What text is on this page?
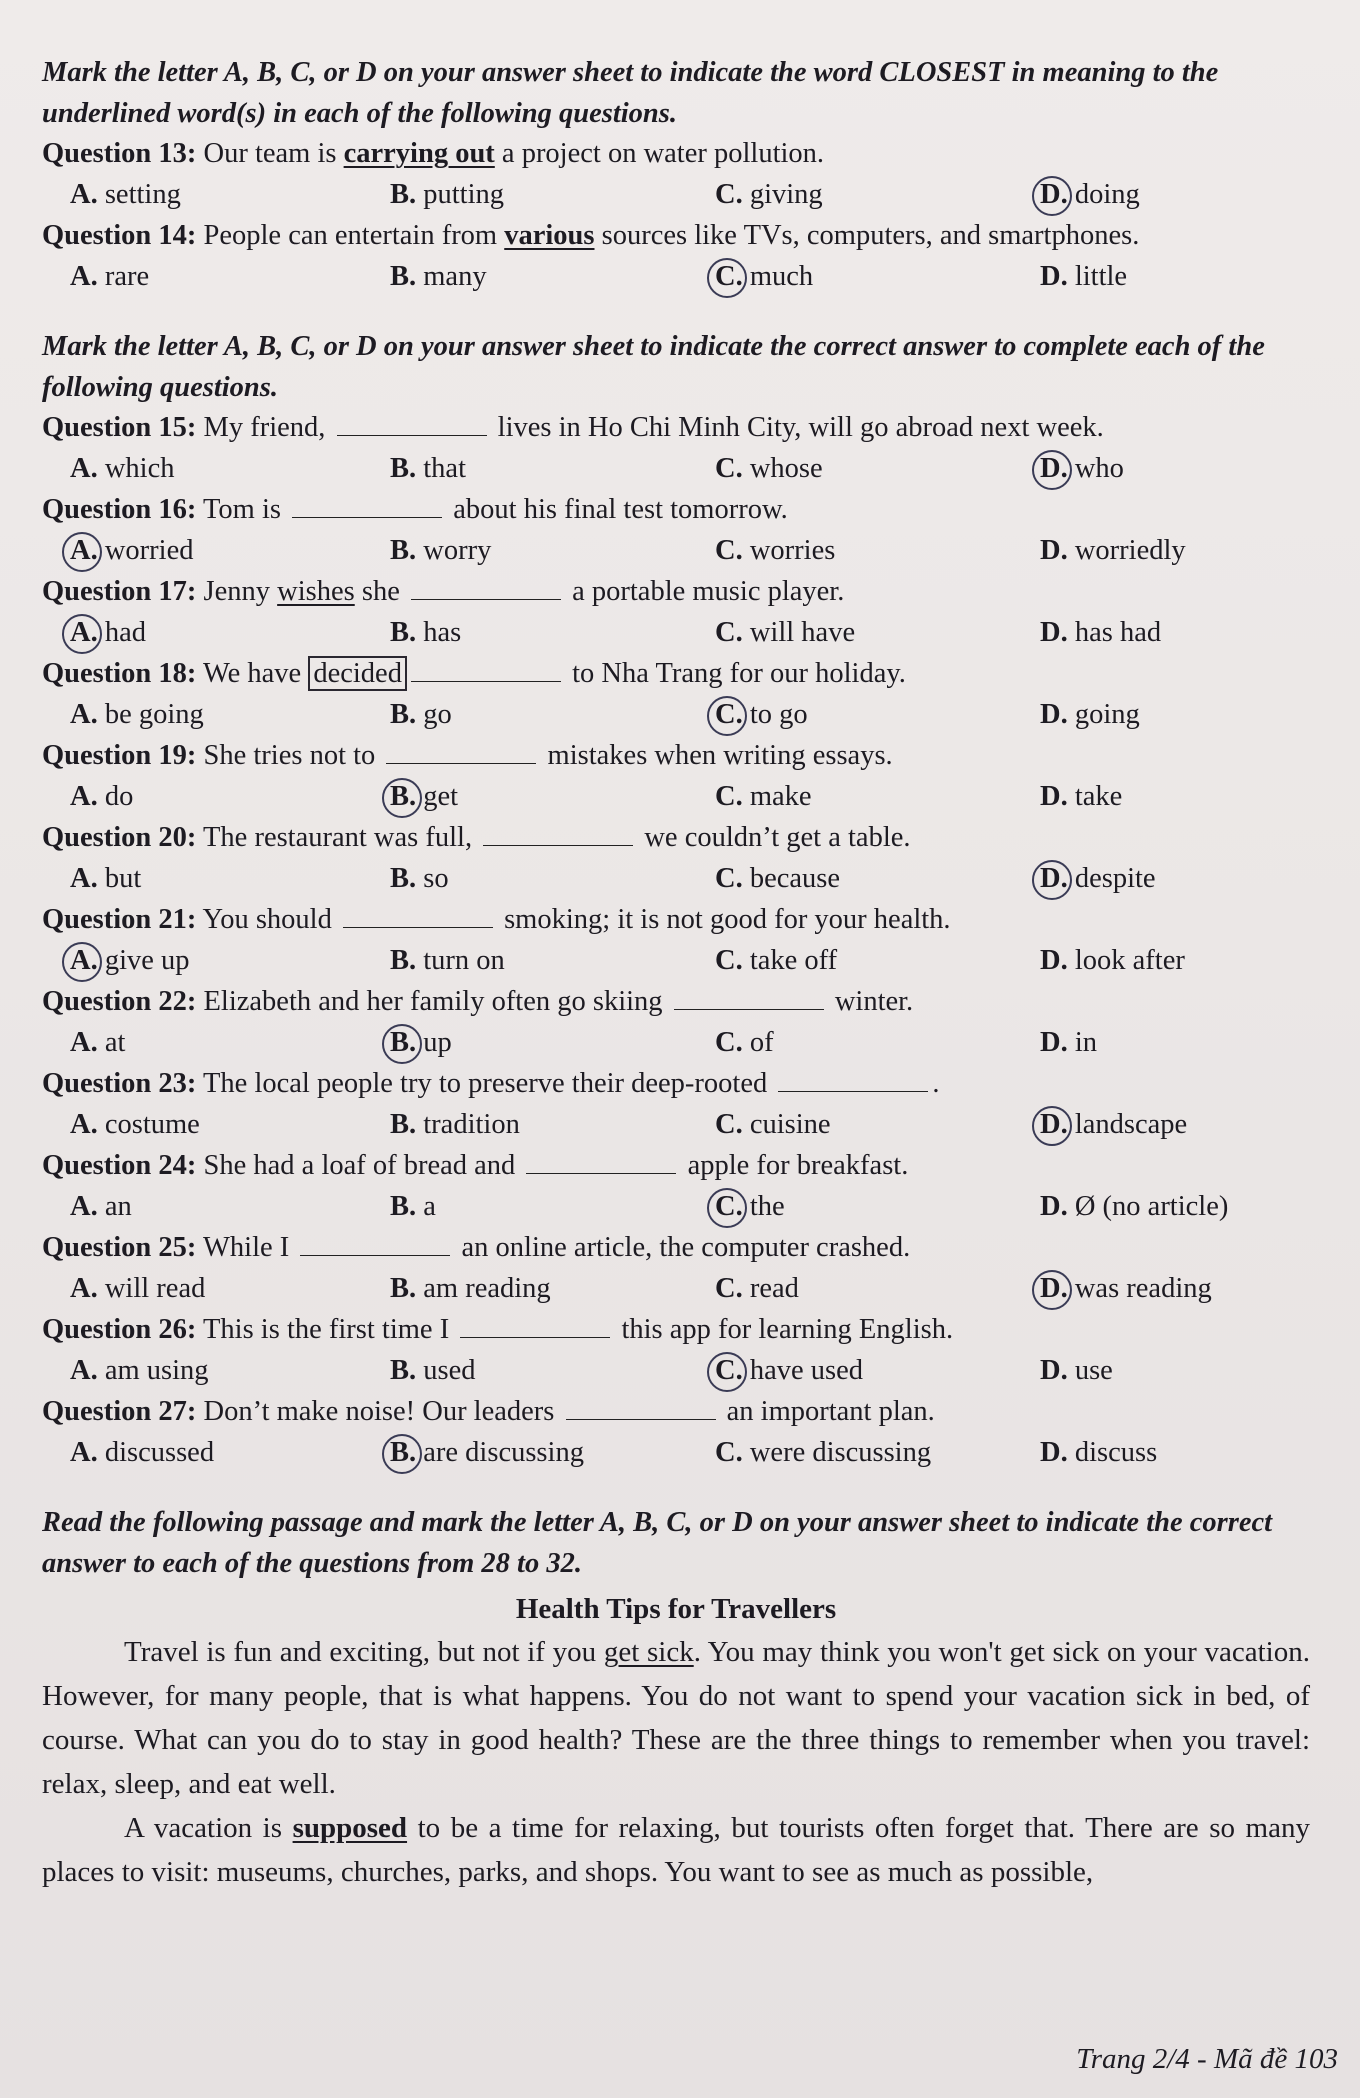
Mark the letter A, B, C, or D on your answer sheet to indicate the word CLOSEST in meaning to the underlined word(s) in each of the following questions.

Question 13: Our team is carrying out a project on water pollution.

A. setting	B. putting	C. giving	D. doing

Question 14: People can entertain from various sources like TVs, computers, and smartphones.

A. rare	B. many	C. much	D. little

Mark the letter A, B, C, or D on your answer sheet to indicate the correct answer to complete each of the following questions.

Question 15: My friend,	lives in Ho Chi Minh City, will go abroad next week.

A. which	B. that	C. whose	D. who

Question 16: Tom is	about his final test tomorrow.

A. worried	B. worry	C. worries	D. worriedly

Question 17: Jenny wishes she	a portable music player.

A. had	B. has	C. will have	D. has had

Question 18: We have decided	to Nha Trang for our holiday.

A. be going	B. go	C. to go	D. going

Question 19: She tries not to	mistakes when writing essays.

A. do	B. get	C. make	D. take

Question 20: The restaurant was full,	we couldn’t get a table.

A. but	B. so	C. because	D. despite

Question 21: You should	smoking; it is not good for your health.

A. give up	B. turn on	C. take off	D. look after

Question 22: Elizabeth and her family often go skiing	winter.

A. at	B. up	C. of	D. in

Question 23: The local people try to preserve their deep-rooted	.

A. costume	B. tradition	C. cuisine	D. landscape

Question 24: She had a loaf of bread and	apple for breakfast.

A. an	B. a	C. the	D. Ø (no article)

Question 25: While I	an online article, the computer crashed.

A. will read	B. am reading	C. read	D. was reading

Question 26: This is the first time I	this app for learning English.

A. am using	B. used	C. have used	D. use

Question 27: Don’t make noise! Our leaders	an important plan.

A. discussed	B. are discussing	C. were discussing	D. discuss

Read the following passage and mark the letter A, B, C, or D on your answer sheet to indicate the correct answer to each of the questions from 28 to 32.

Health Tips for Travellers

Travel is fun and exciting, but not if you get sick. You may think you won't get sick on your vacation. However, for many people, that is what happens. You do not want to spend your vacation sick in bed, of course. What can you do to stay in good health? These are the three things to remember when you travel: relax, sleep, and eat well.

A vacation is supposed to be a time for relaxing, but tourists often forget that. There are so many places to visit: museums, churches, parks, and shops. You want to see as much as possible,

Trang 2/4 - Mã đề 103
